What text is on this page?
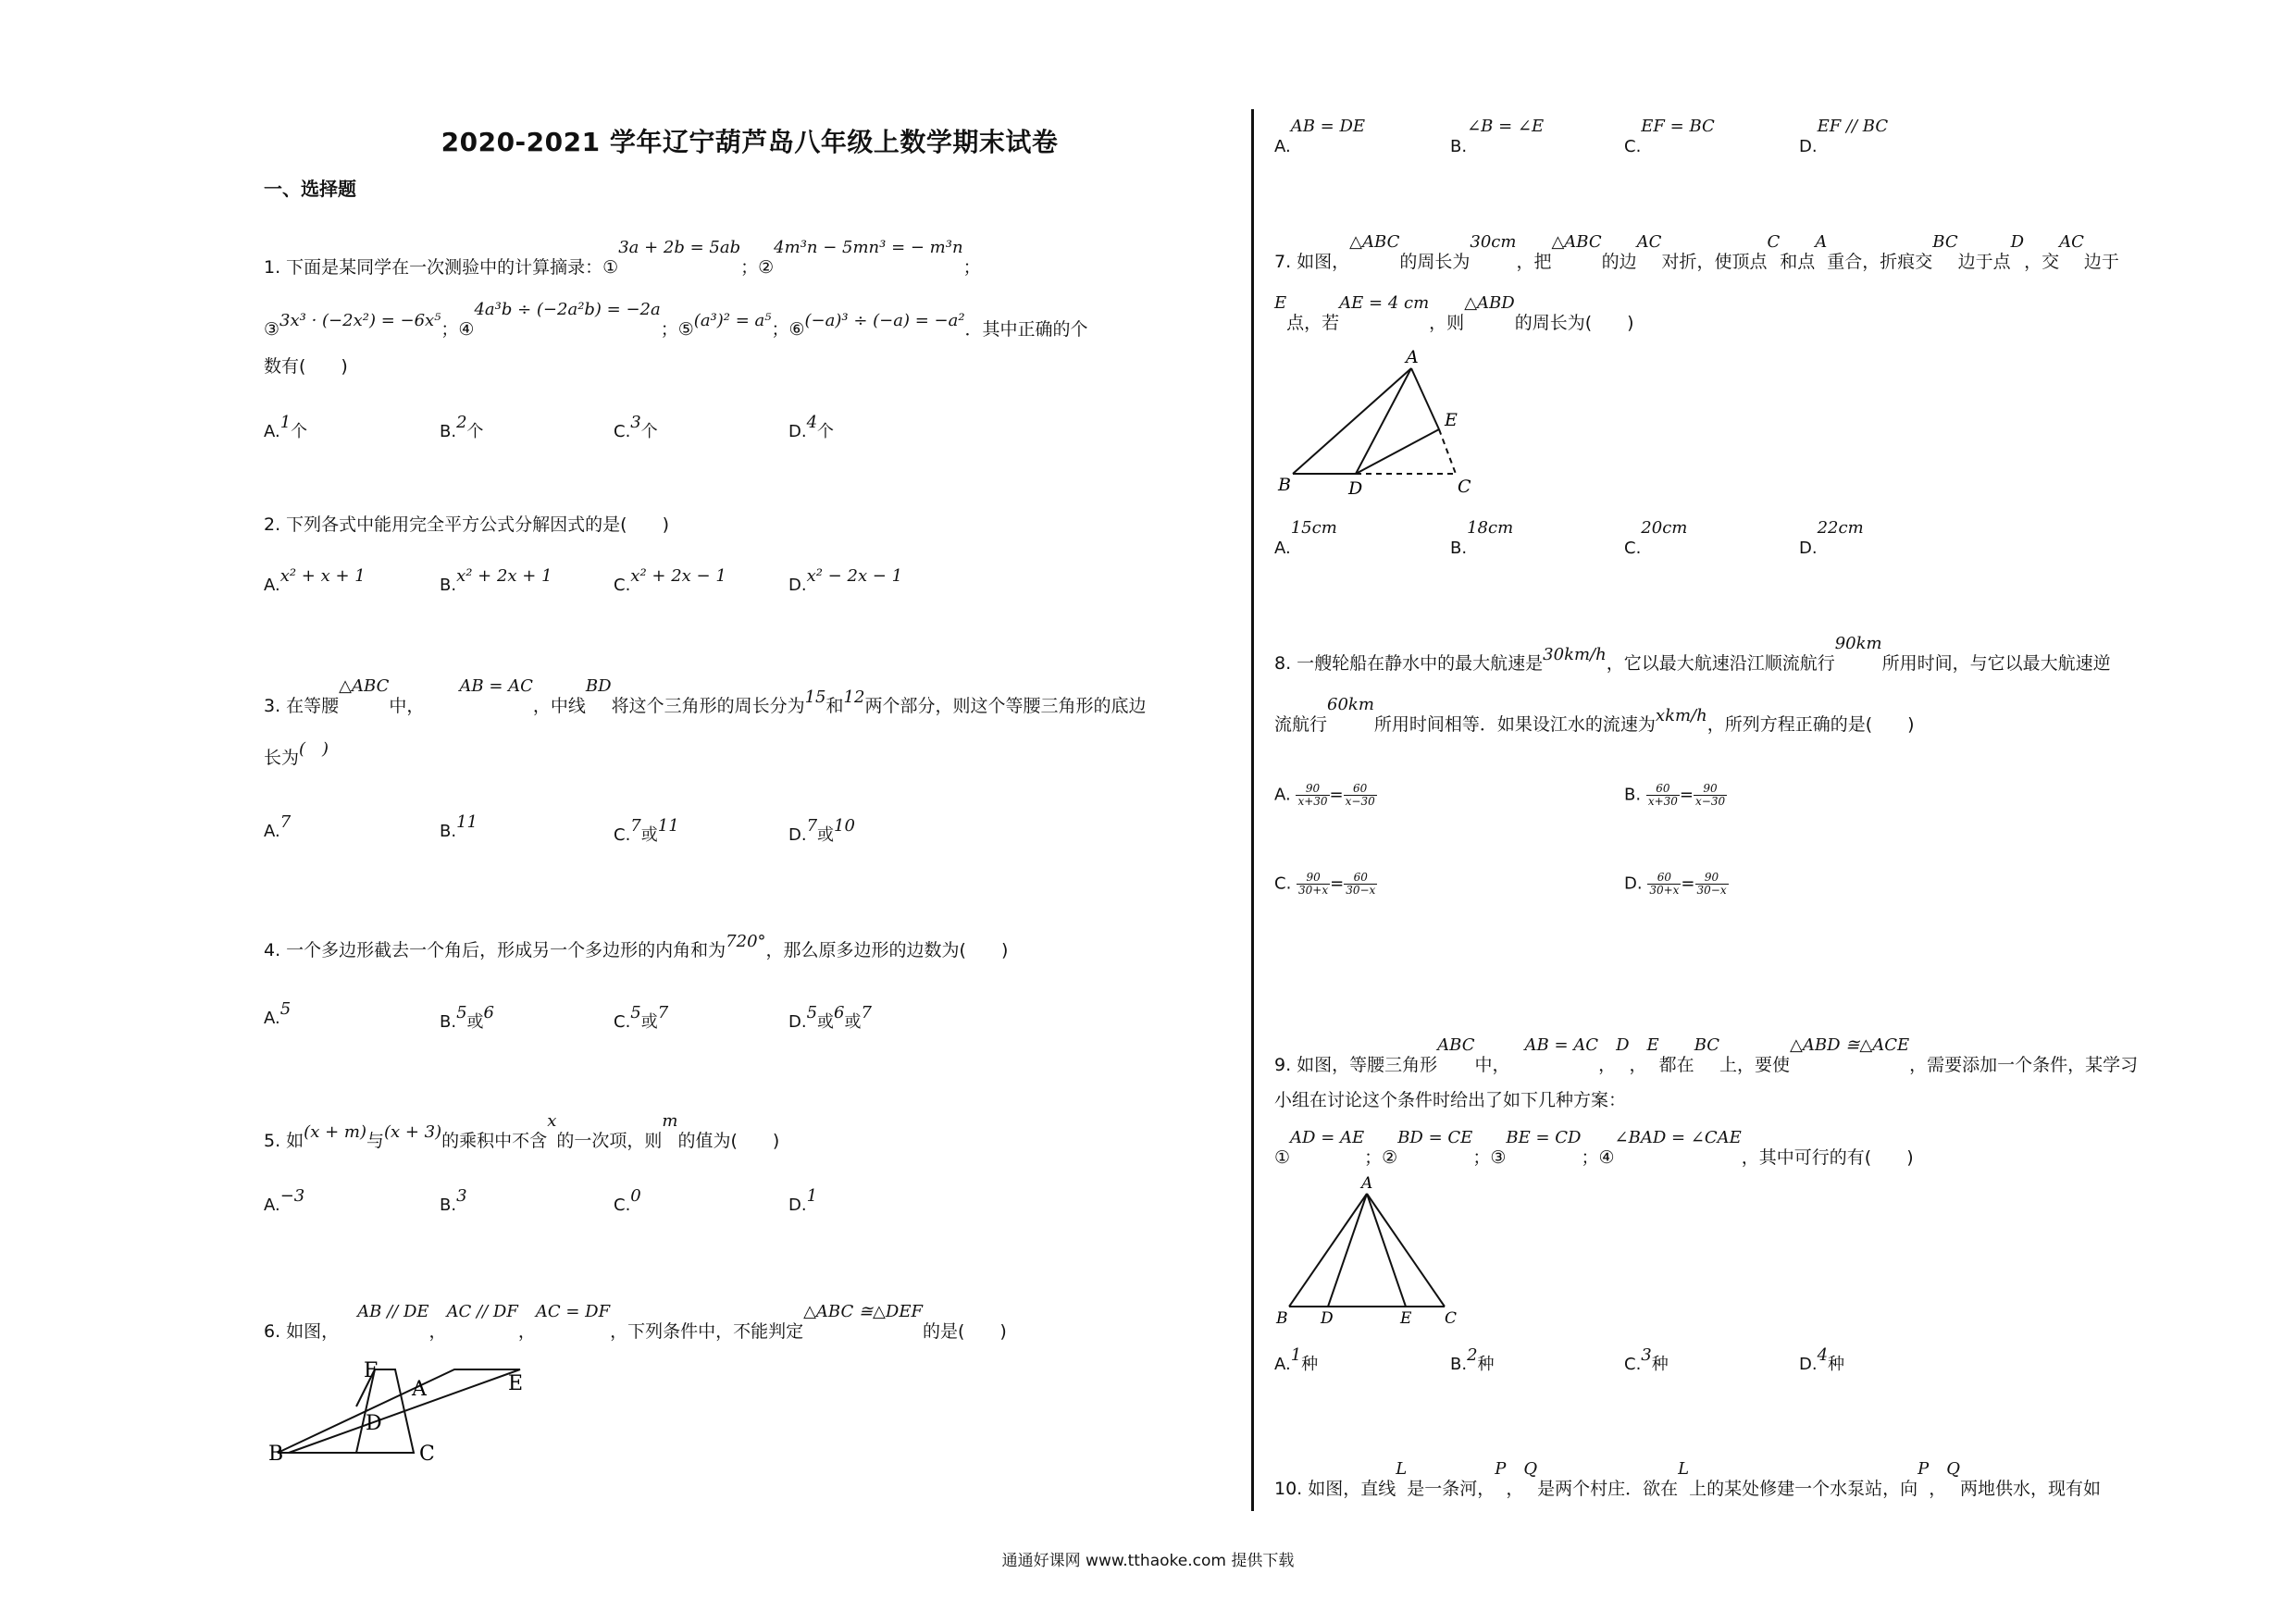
2020-2021 学年辽宁葫芦岛八年级上数学期末试卷
一、选择题
1. 下面是某同学在一次测验中的计算摘录：①3a + 2b = 5ab；②4m³n − 5mn³ = − m³n；
③3x³ · (−2x²) = −6x⁵；④4a³b ÷ (−2a²b) = −2a；⑤(a³)² = a⁵；⑥(−a)³ ÷ (−a) = −a²．其中正确的个
数有(　　)
A.1个	B.2个	C.3个	D.4个
2. 下列各式中能用完全平方公式分解因式的是(　　)
A.x² + x + 1	B.x² + 2x + 1	C.x² + 2x − 1	D.x² − 2x − 1
3. 在等腰△ABC中，AB = AC，中线BD将这个三角形的周长分为15和12两个部分，则这个等腰三角形的底边
长为(　)
A.7	B.11
C.7或11	D.7或10
4. 一个多边形截去一个角后，形成另一个多边形的内角和为720°，那么原多边形的边数为(　　)
A.5
B.5或6	C.5或7	D.5或6或7
5. 如(x + m)与(x + 3)的乘积中不含x的一次项，则m的值为(　　)
A.−3	B.3	C.0	D.1
6. 如图，AB // DE，AC // DF，AC = DF，下列条件中，不能判定△ABC ≅△DEF的是(　　)
F
A	E
D
B	C
A.AB = DE
B.∠B = ∠E
C.EF = BC
D.EF // BC
7. 如图，△ABC的周长为30cm，把△ABC的边AC对折，使顶点C和点A重合，折痕交BC边于点D，交AC边于
E点，若AE = 4 cm，则△ABD的周长为(　　)
A
E
B	D	C
A.15cm
B.18cm
C.20cm
D.22cm
8. 一艘轮船在静水中的最大航速是30km/h，它以最大航速沿江顺流航行90km所用时间，与它以最大航速逆
流航行60km所用时间相等．如果设江水的流速为xkm/h，所列方程正确的是(　　)
A. $\frac{90}{x+30} = \frac{60}{x-30}$	B. $\frac{60}{x+30} = \frac{90}{x-30}$
C. $\frac{90}{30+x} = \frac{60}{30-x}$	D. $\frac{60}{30+x} = \frac{90}{30-x}$
9. 如图，等腰三角形ABC中，AB = AC，D，E都在BC上，要使△ABD ≅△ACE，需要添加一个条件，某学习
小组在讨论这个条件时给出了如下几种方案：
①AD = AE；②BD = CE；③BE = CD；④∠BAD = ∠CAE，其中可行的有(　　)
A
B D	E C
A.1种	B.2种	C.3种	D.4种
10. 如图，直线L是一条河，P，Q是两个村庄．欲在L上的某处修建一个水泵站，向P，Q两地供水，现有如
通通好课网 www.tthaoke.com 提供下载
